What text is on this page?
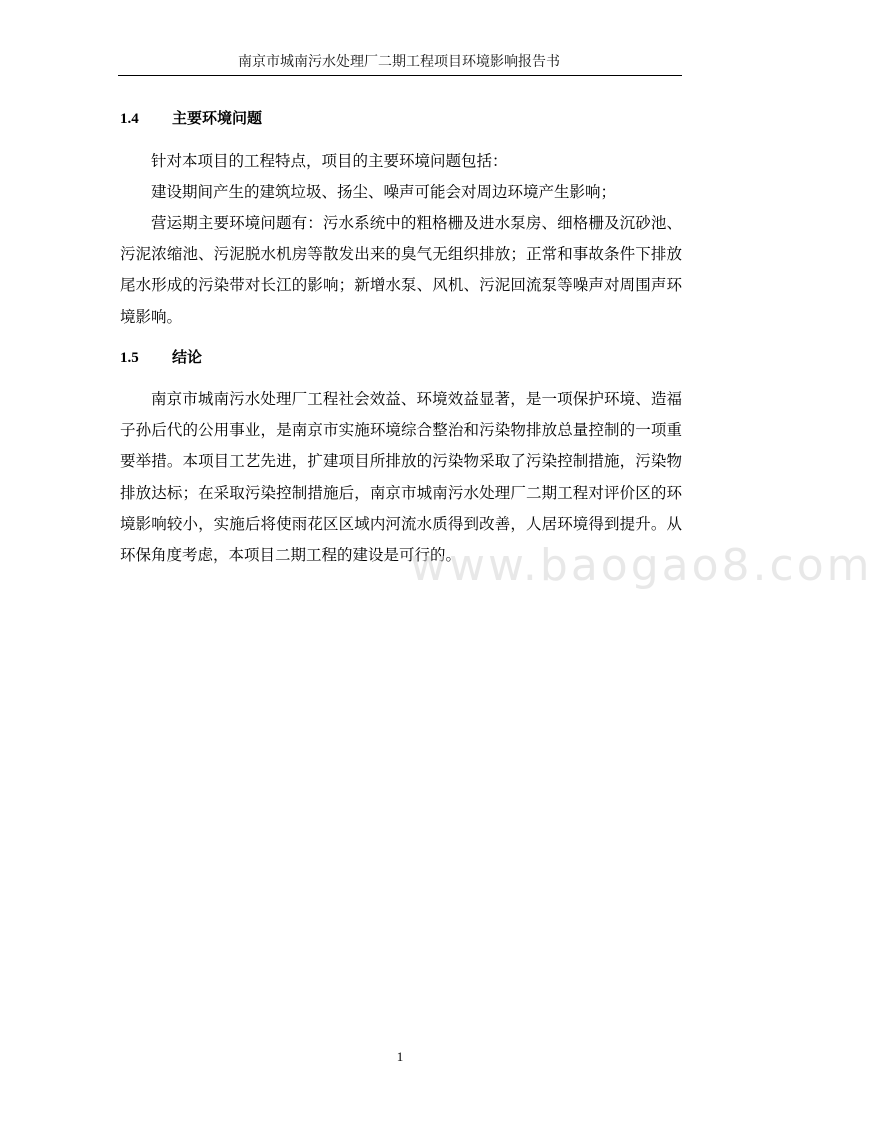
南京市城南污水处理厂二期工程项目环境影响报告书
1.4 主要环境问题

针对本项目的工程特点，项目的主要环境问题包括：

建设期间产生的建筑垃圾、扬尘、噪声可能会对周边环境产生影响；

营运期主要环境问题有：污水系统中的粗格栅及进水泵房、细格栅及沉砂池、污泥浓缩池、污泥脱水机房等散发出来的臭气无组织排放；正常和事故条件下排放尾水形成的污染带对长江的影响；新增水泵、风机、污泥回流泵等噪声对周围声环境影响。

1.5 结论

南京市城南污水处理厂工程社会效益、环境效益显著，是一项保护环境、造福子孙后代的公用事业，是南京市实施环境综合整治和污染物排放总量控制的一项重要举措。本项目工艺先进，扩建项目所排放的污染物采取了污染控制措施，污染物排放达标；在采取污染控制措施后，南京市城南污水处理厂二期工程对评价区的环境影响较小，实施后将使雨花区区域内河流水质得到改善，人居环境得到提升。从环保角度考虑，本项目二期工程的建设是可行的。

www.baogao8.com
1
